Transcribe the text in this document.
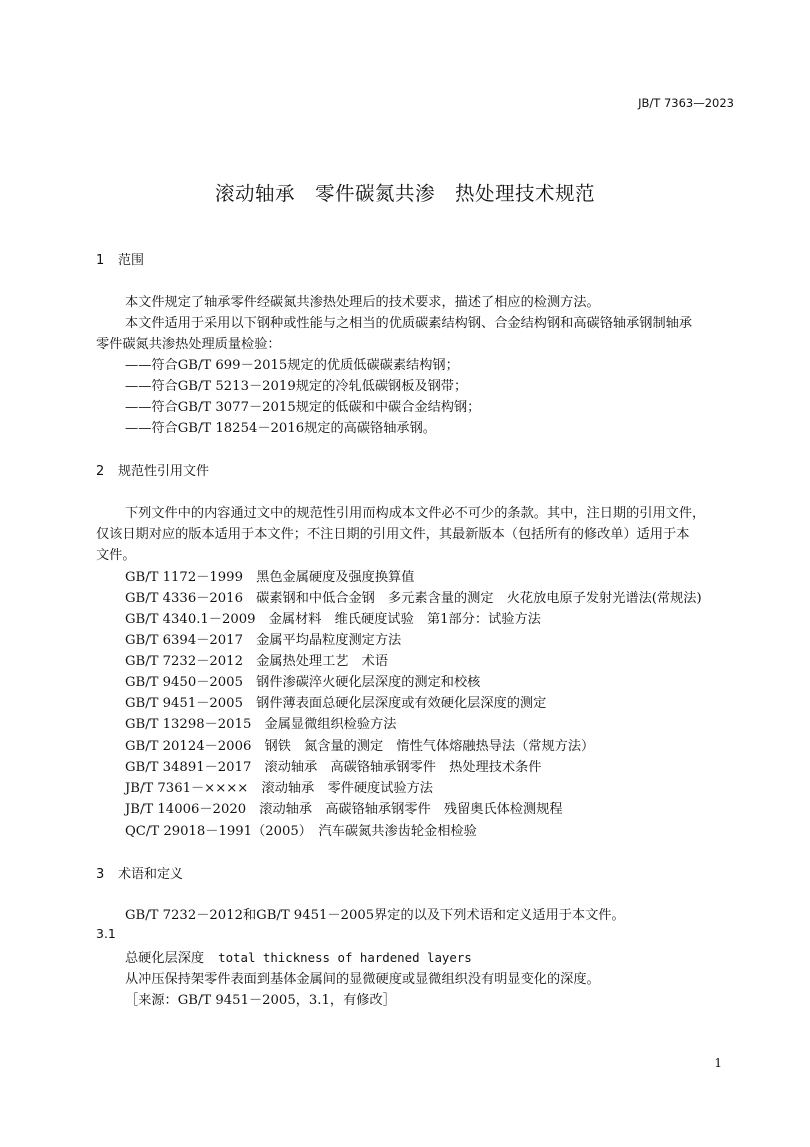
JB/T 7363—2023
滚动轴承　零件碳氮共渗　热处理技术规范
1 范围
本文件规定了轴承零件经碳氮共渗热处理后的技术要求，描述了相应的检测方法。
本文件适用于采用以下钢种或性能与之相当的优质碳素结构钢、合金结构钢和高碳铬轴承钢制轴承
零件碳氮共渗热处理质量检验：
——符合GB/T 699－2015规定的优质低碳碳素结构钢；
——符合GB/T 5213－2019规定的冷轧低碳钢板及钢带；
——符合GB/T 3077－2015规定的低碳和中碳合金结构钢；
——符合GB/T 18254－2016规定的高碳铬轴承钢。
2 规范性引用文件
下列文件中的内容通过文中的规范性引用而构成本文件必不可少的条款。其中，注日期的引用文件，
仅该日期对应的版本适用于本文件；不注日期的引用文件，其最新版本（包括所有的修改单）适用于本
文件。
GB/T 1172－1999　黑色金属硬度及强度换算值
GB/T 4336－2016　碳素钢和中低合金钢　多元素含量的测定　火花放电原子发射光谱法(常规法)
GB/T 4340.1－2009　金属材料　维氏硬度试验　第1部分：试验方法
GB/T 6394－2017　金属平均晶粒度测定方法
GB/T 7232－2012　金属热处理工艺　术语
GB/T 9450－2005　钢件渗碳淬火硬化层深度的测定和校核
GB/T 9451－2005　钢件薄表面总硬化层深度或有效硬化层深度的测定
GB/T 13298－2015　金属显微组织检验方法
GB/T 20124－2006　钢铁　氮含量的测定　惰性气体熔融热导法（常规方法）
GB/T 34891－2017　滚动轴承　高碳铬轴承钢零件　热处理技术条件
JB/T 7361－××××　滚动轴承　零件硬度试验方法
JB/T 14006－2020　滚动轴承　高碳铬轴承钢零件　残留奥氏体检测规程
QC/T 29018－1991（2005）　汽车碳氮共渗齿轮金相检验
3 术语和定义
GB/T 7232－2012和GB/T 9451－2005界定的以及下列术语和定义适用于本文件。
3.1
总硬化层深度 total thickness of hardened layers
从冲压保持架零件表面到基体金属间的显微硬度或显微组织没有明显变化的深度。
［来源：GB/T 9451－2005，3.1，有修改］
1
